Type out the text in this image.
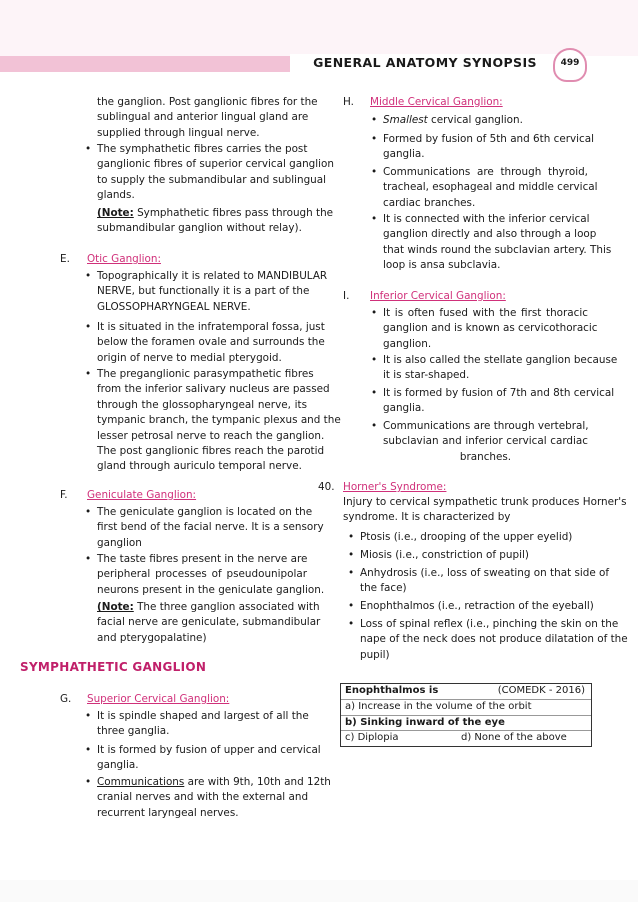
GENERAL ANATOMY SYNOPSIS	499
the ganglion. Post ganglionic fibres for the
sublingual and anterior lingual gland are
supplied through lingual nerve.
• The symphathetic fibres carries the post
ganglionic fibres of superior cervical ganglion
to supply the submandibular and sublingual
glands.
(Note: Symphathetic fibres pass through the
submandibular ganglion without relay).
E. Otic Ganglion:
• Topographically it is related to MANDIBULAR
NERVE, but functionally it is a part of the
GLOSSOPHARYNGEAL NERVE.
• It is situated in the infratemporal fossa, just
below the foramen ovale and surrounds the
origin of nerve to medial pterygoid.
• The preganglionic parasympathetic fibres
from the inferior salivary nucleus are passed
through the glossopharyngeal nerve, its
tympanic branch, the tympanic plexus and the
lesser petrosal nerve to reach the ganglion.
The post ganglionic fibres reach the parotid
gland through auriculo temporal nerve.
F. Geniculate Ganglion:
• The geniculate ganglion is located on the
first bend of the facial nerve. It is a sensory
ganglion
• The taste fibres present in the nerve are
peripheral processes of pseudounipolar
neurons present in the geniculate ganglion.
(Note: The three ganglion associated with
facial nerve are geniculate, submandibular
and pterygopalatine)
SYMPHATHETIC GANGLION
G. Superior Cervical Ganglion:
• It is spindle shaped and largest of all the
three ganglia.
• It is formed by fusion of upper and cervical
ganglia.
• Communications are with 9th, 10th and 12th
cranial nerves and with the external and
recurrent laryngeal nerves.
H. Middle Cervical Ganglion:
• Smallest cervical ganglion.
• Formed by fusion of 5th and 6th cervical
ganglia.
• Communications are through thyroid,
tracheal, esophageal and middle cervical
cardiac branches.
• It is connected with the inferior cervical
ganglion directly and also through a loop
that winds round the subclavian artery. This
loop is ansa subclavia.
I. Inferior Cervical Ganglion:
• It is often fused with the first thoracic
ganglion and is known as cervicothoracic
ganglion.
• It is also called the stellate ganglion because
it is star-shaped.
• It is formed by fusion of 7th and 8th cervical
ganglia.
• Communications are through vertebral,
subclavian and inferior cervical cardiac
branches.
40. Horner's Syndrome:
Injury to cervical sympathetic trunk produces Horner's
syndrome. It is characterized by
• Ptosis (i.e., drooping of the upper eyelid)
• Miosis (i.e., constriction of pupil)
• Anhydrosis (i.e., loss of sweating on that side of
the face)
• Enophthalmos (i.e., retraction of the eyeball)
• Loss of spinal reflex (i.e., pinching the skin on the
nape of the neck does not produce dilatation of the
pupil)
Enophthalmos is	(COMEDK - 2016)
a) Increase in the volume of the orbit
b) Sinking inward of the eye
c) Diplopia	d) None of the above
